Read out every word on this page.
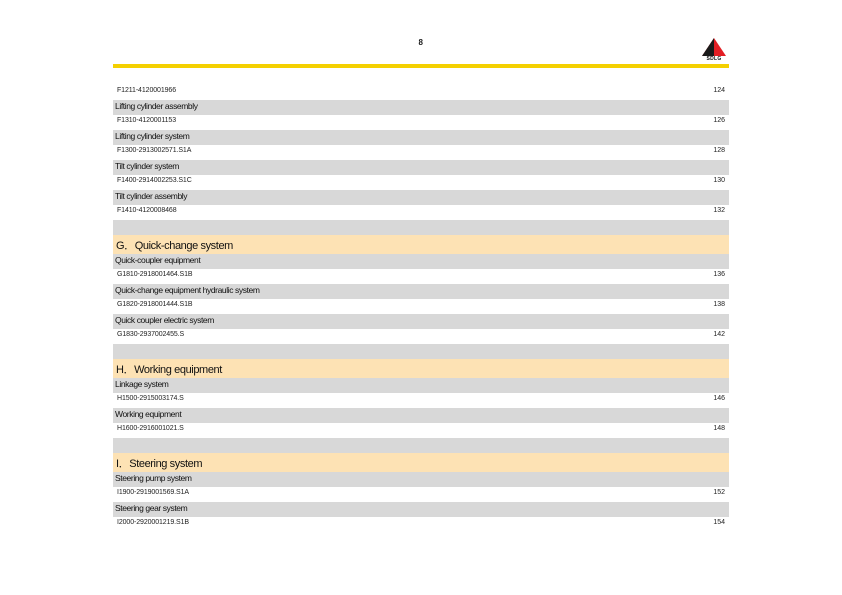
8
SDLG
F1211-4120001966	124
Lifting cylinder assembly
F1310-4120001153	126
Lifting cylinder system
F1300-2913002571.S1A	128
Tilt cylinder system
F1400-2914002253.S1C	130
Tilt cylinder assembly
F1410-4120008468	132
G．Quick-change system
Quick-coupler equipment
G1810-2918001464.S1B	136
Quick-change equipment hydraulic system
G1820-2918001444.S1B	138
Quick coupler electric system
G1830-2937002455.S	142
H．Working equipment
Linkage system
H1500-2915003174.S	146
Working equipment
H1600-2916001021.S	148
I．Steering system
Steering pump system
I1900-2919001569.S1A	152
Steering gear system
I2000-2920001219.S1B	154
